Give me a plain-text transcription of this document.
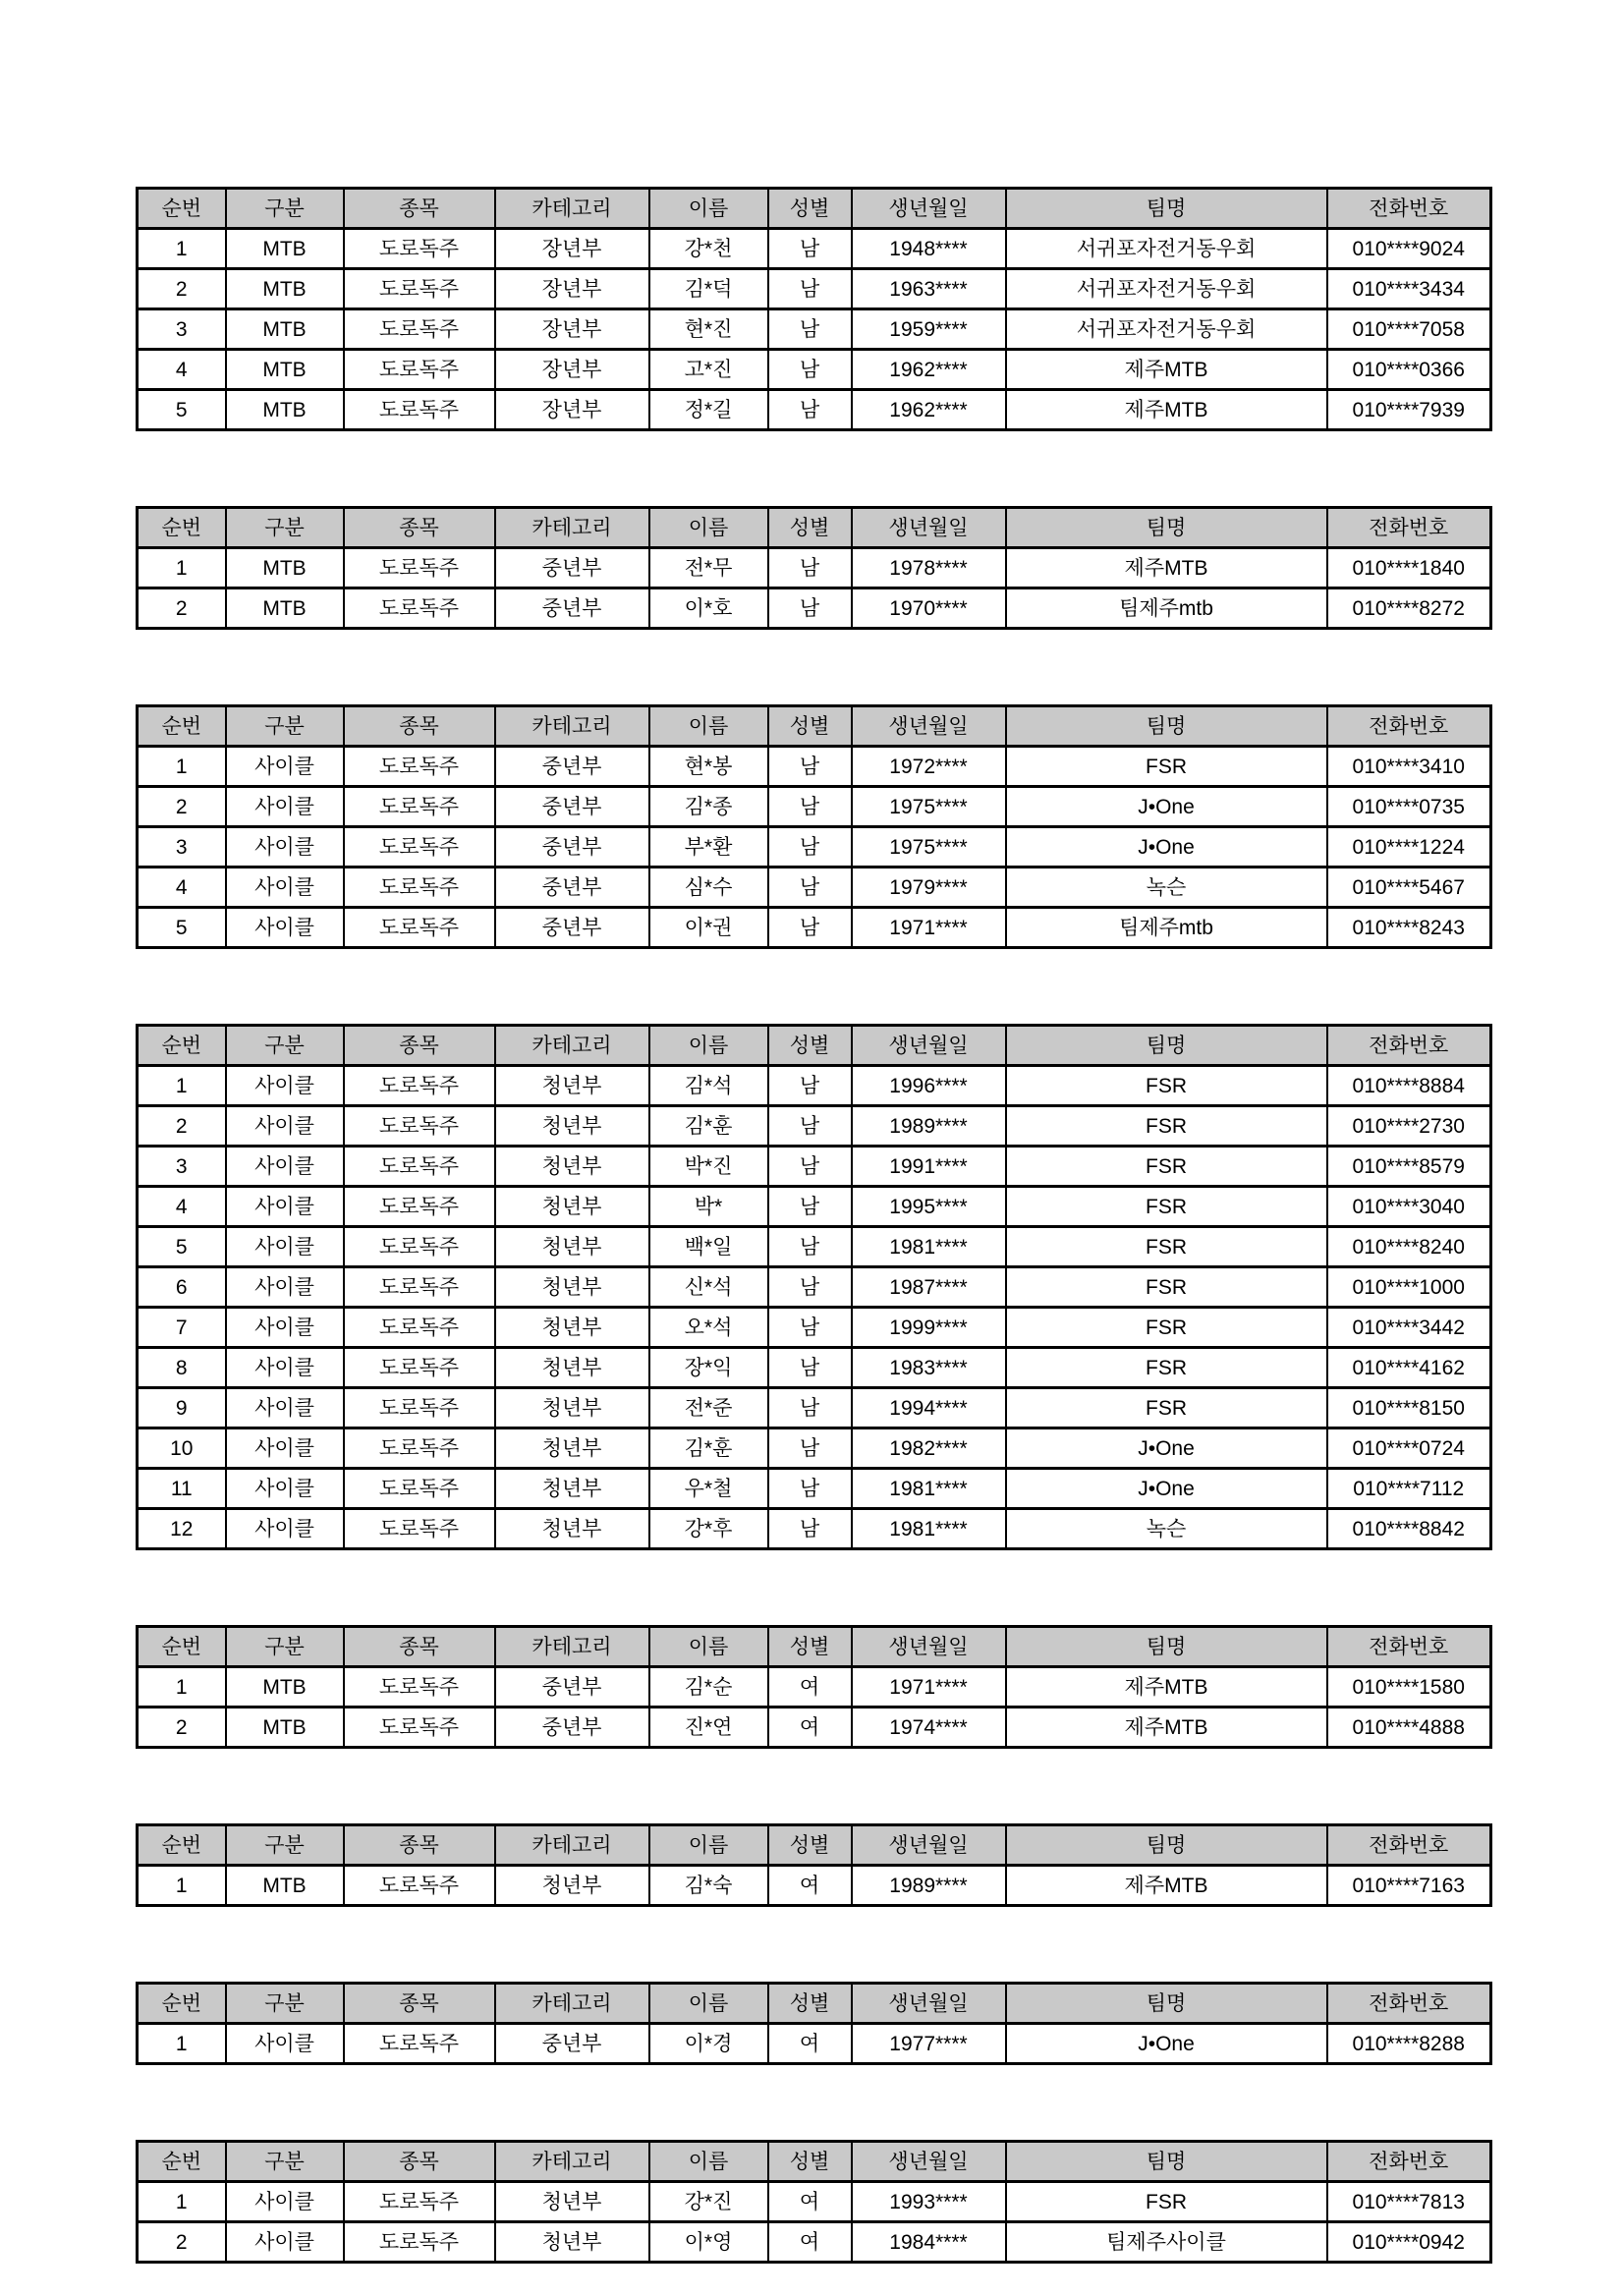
순번	구분	종목	카테고리	이름	성별	생년월일	팀명	전화번호
1	MTB	도로독주	장년부	강*천	남	1948****	서귀포자전거동우회	010****9024
2	MTB	도로독주	장년부	김*덕	남	1963****	서귀포자전거동우회	010****3434
3	MTB	도로독주	장년부	현*진	남	1959****	서귀포자전거동우회	010****7058
4	MTB	도로독주	장년부	고*진	남	1962****	제주MTB	010****0366
5	MTB	도로독주	장년부	정*길	남	1962****	제주MTB	010****7939
순번	구분	종목	카테고리	이름	성별	생년월일	팀명	전화번호
1	MTB	도로독주	중년부	전*무	남	1978****	제주MTB	010****1840
2	MTB	도로독주	중년부	이*호	남	1970****	팀제주mtb	010****8272
순번	구분	종목	카테고리	이름	성별	생년월일	팀명	전화번호
1	사이클	도로독주	중년부	현*봉	남	1972****	FSR	010****3410
2	사이클	도로독주	중년부	김*종	남	1975****	J•One	010****0735
3	사이클	도로독주	중년부	부*환	남	1975****	J•One	010****1224
4	사이클	도로독주	중년부	심*수	남	1979****	녹슨	010****5467
5	사이클	도로독주	중년부	이*권	남	1971****	팀제주mtb	010****8243
순번	구분	종목	카테고리	이름	성별	생년월일	팀명	전화번호
1	사이클	도로독주	청년부	김*석	남	1996****	FSR	010****8884
2	사이클	도로독주	청년부	김*훈	남	1989****	FSR	010****2730
3	사이클	도로독주	청년부	박*진	남	1991****	FSR	010****8579
4	사이클	도로독주	청년부	박*	남	1995****	FSR	010****3040
5	사이클	도로독주	청년부	백*일	남	1981****	FSR	010****8240
6	사이클	도로독주	청년부	신*석	남	1987****	FSR	010****1000
7	사이클	도로독주	청년부	오*석	남	1999****	FSR	010****3442
8	사이클	도로독주	청년부	장*익	남	1983****	FSR	010****4162
9	사이클	도로독주	청년부	전*준	남	1994****	FSR	010****8150
10	사이클	도로독주	청년부	김*훈	남	1982****	J•One	010****0724
11	사이클	도로독주	청년부	우*철	남	1981****	J•One	010****7112
12	사이클	도로독주	청년부	강*후	남	1981****	녹슨	010****8842
순번	구분	종목	카테고리	이름	성별	생년월일	팀명	전화번호
1	MTB	도로독주	중년부	김*순	여	1971****	제주MTB	010****1580
2	MTB	도로독주	중년부	진*연	여	1974****	제주MTB	010****4888
순번	구분	종목	카테고리	이름	성별	생년월일	팀명	전화번호
1	MTB	도로독주	청년부	김*숙	여	1989****	제주MTB	010****7163
순번	구분	종목	카테고리	이름	성별	생년월일	팀명	전화번호
1	사이클	도로독주	중년부	이*경	여	1977****	J•One	010****8288
순번	구분	종목	카테고리	이름	성별	생년월일	팀명	전화번호
1	사이클	도로독주	청년부	강*진	여	1993****	FSR	010****7813
2	사이클	도로독주	청년부	이*영	여	1984****	팀제주사이클	010****0942
